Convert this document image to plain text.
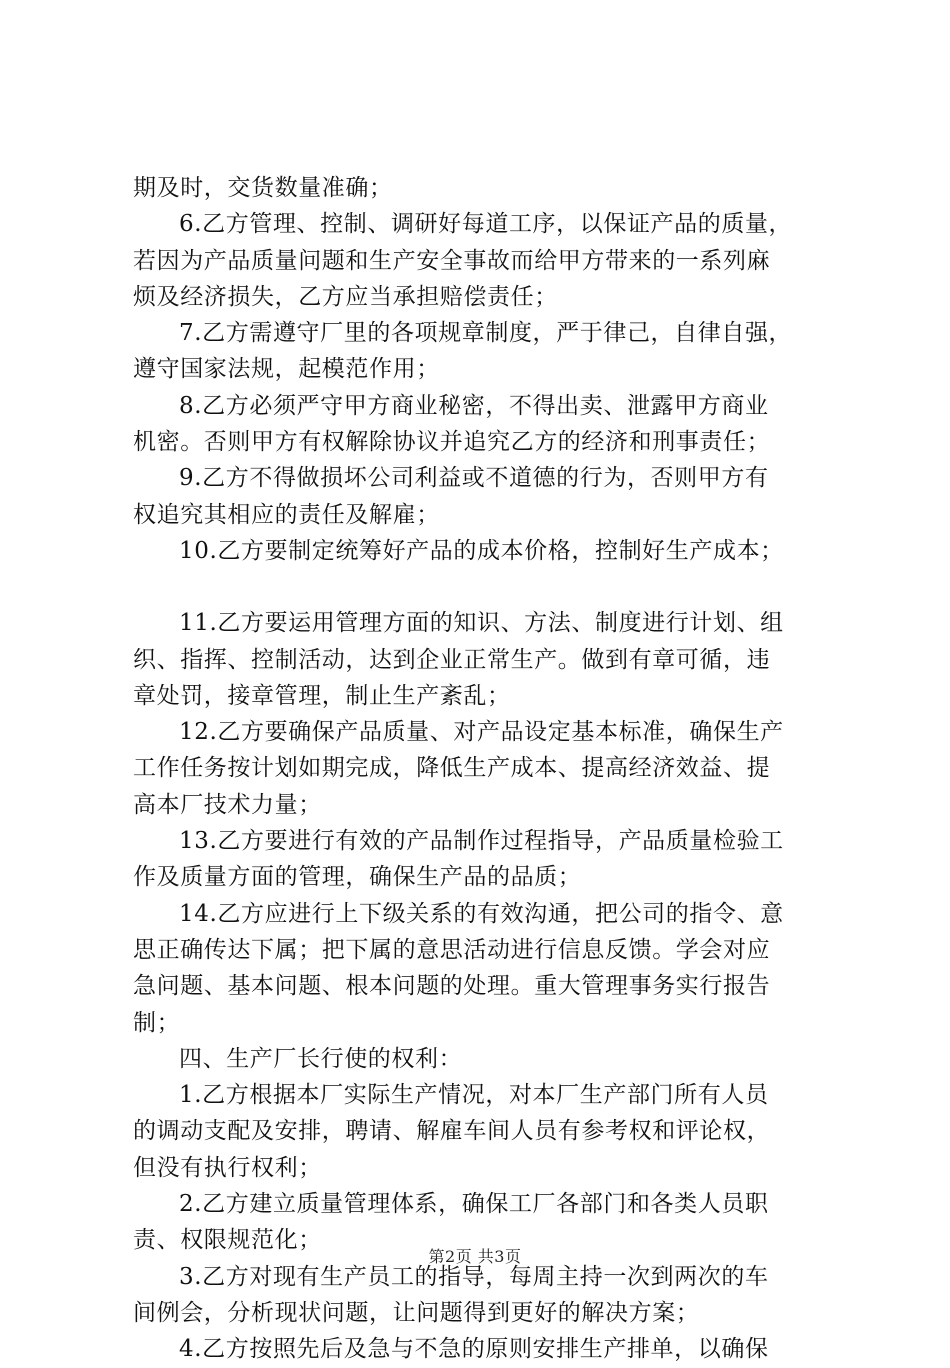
期及时，交货数量准确；
6.乙方管理、控制、调研好每道工序，以保证产品的质量，
若因为产品质量问题和生产安全事故而给甲方带来的一系列麻
烦及经济损失，乙方应当承担赔偿责任；
7.乙方需遵守厂里的各项规章制度，严于律己，自律自强，
遵守国家法规，起模范作用；
8.乙方必须严守甲方商业秘密，不得出卖、泄露甲方商业
机密。否则甲方有权解除协议并追究乙方的经济和刑事责任；
9.乙方不得做损坏公司利益或不道德的行为，否则甲方有
权追究其相应的责任及解雇；
10.乙方要制定统筹好产品的成本价格，控制好生产成本；
11.乙方要运用管理方面的知识、方法、制度进行计划、组
织、指挥、控制活动，达到企业正常生产。做到有章可循，违
章处罚，接章管理，制止生产紊乱；
12.乙方要确保产品质量、对产品设定基本标准，确保生产
工作任务按计划如期完成，降低生产成本、提高经济效益、提
高本厂技术力量；
13.乙方要进行有效的产品制作过程指导，产品质量检验工
作及质量方面的管理，确保生产品的品质；
14.乙方应进行上下级关系的有效沟通，把公司的指令、意
思正确传达下属；把下属的意思活动进行信息反馈。学会对应
急问题、基本问题、根本问题的处理。重大管理事务实行报告
制；
四、生产厂长行使的权利：
1.乙方根据本厂实际生产情况，对本厂生产部门所有人员
的调动支配及安排，聘请、解雇车间人员有参考权和评论权，
但没有执行权利；
2.乙方建立质量管理体系，确保工厂各部门和各类人员职
责、权限规范化；
3.乙方对现有生产员工的指导，每周主持一次到两次的车
间例会，分析现状问题，让问题得到更好的解决方案；
4.乙方按照先后及急与不急的原则安排生产排单，以确保
第2页 共3页
